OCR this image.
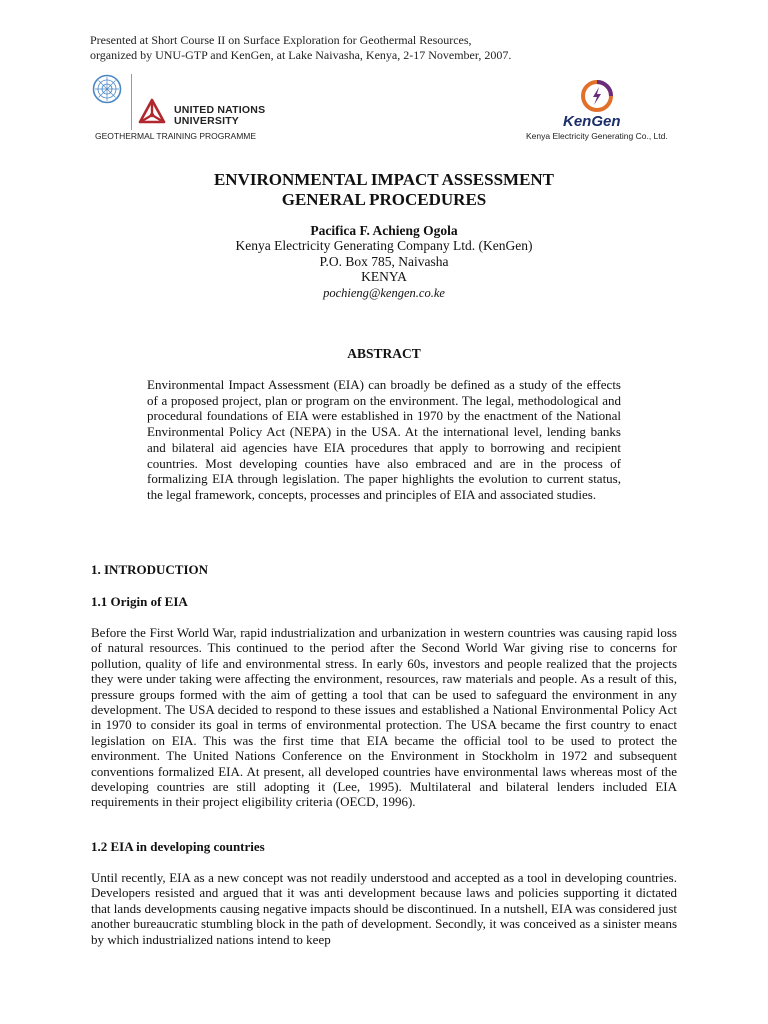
Presented at Short Course II on Surface Exploration for Geothermal Resources,
organized by UNU-GTP and KenGen, at Lake Naivasha, Kenya, 2-17 November, 2007.
UNITED NATIONS
UNIVERSITY
GEOTHERMAL TRAINING PROGRAMME
KenGen
Kenya Electricity Generating Co., Ltd.
ENVIRONMENTAL IMPACT ASSESSMENT
GENERAL PROCEDURES
Pacifica F. Achieng Ogola
Kenya Electricity Generating Company Ltd. (KenGen)
P.O. Box 785, Naivasha
KENYA
pochieng@kengen.co.ke
ABSTRACT
Environmental Impact Assessment (EIA) can broadly be defined as a study of the effects of a proposed project, plan or program on the environment. The legal, methodological and procedural foundations of EIA were established in 1970 by the enactment of the National Environmental Policy Act (NEPA) in the USA. At the international level, lending banks and bilateral aid agencies have EIA procedures that apply to borrowing and recipient countries. Most developing counties have also embraced and are in the process of formalizing EIA through legislation. The paper highlights the evolution to current status, the legal framework, concepts, processes and principles of EIA and associated studies.
1. INTRODUCTION
1.1 Origin of EIA
Before the First World War, rapid industrialization and urbanization in western countries was causing rapid loss of natural resources. This continued to the period after the Second World War giving rise to concerns for pollution, quality of life and environmental stress. In early 60s, investors and people realized that the projects they were under taking were affecting the environment, resources, raw materials and people. As a result of this, pressure groups formed with the aim of getting a tool that can be used to safeguard the environment in any development. The USA decided to respond to these issues and established a National Environmental Policy Act in 1970 to consider its goal in terms of environmental protection. The USA became the first country to enact legislation on EIA. This was the first time that EIA became the official tool to be used to protect the environment. The United Nations Conference on the Environment in Stockholm in 1972 and subsequent conventions formalized EIA. At present, all developed countries have environmental laws whereas most of the developing countries are still adopting it (Lee, 1995). Multilateral and bilateral lenders included EIA requirements in their project eligibility criteria (OECD, 1996).
1.2 EIA in developing countries
Until recently, EIA as a new concept was not readily understood and accepted as a tool in developing countries. Developers resisted and argued that it was anti development because laws and policies supporting it dictated that lands developments causing negative impacts should be discontinued. In a nutshell, EIA was considered just another bureaucratic stumbling block in the path of development. Secondly, it was conceived as a sinister means by which industrialized nations intend to keep
